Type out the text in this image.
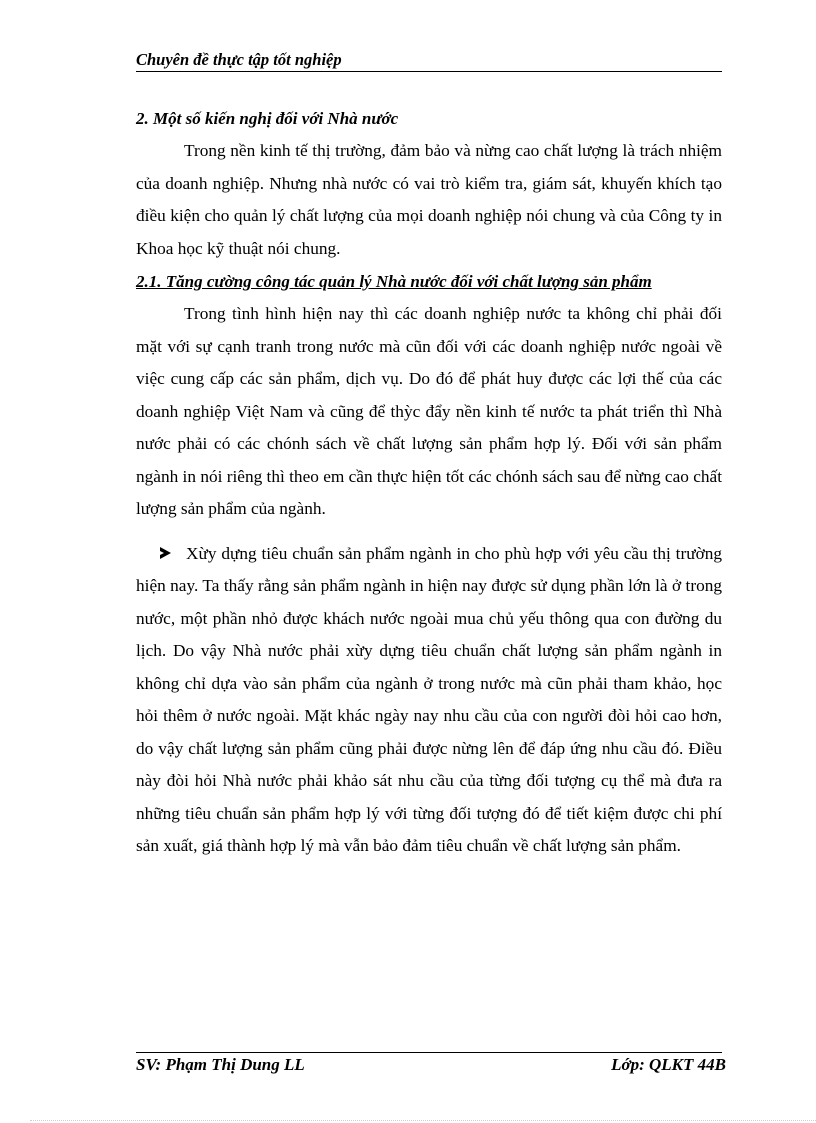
Chuyên đề thực tập tốt nghiệp

2. Một số kiến nghị đối với Nhà nước

Trong nền kinh tế thị trường, đảm bảo và nừng cao chất lượng là trách nhiệm của doanh nghiệp. Nhưng nhà nước có vai trò kiểm tra, giám sát, khuyến khích tạo điều kiện cho quản lý chất lượng của mọi doanh nghiệp nói chung và của Công ty in Khoa học kỹ thuật nói chung.

2.1. Tăng cường công tác quản lý Nhà nước đối với chất lượng sản phẩm

Trong tình hình hiện nay thì các doanh nghiệp nước ta không chỉ phải đối mặt với sự cạnh tranh trong nước mà cũn đối với các doanh nghiệp nước ngoài về việc cung cấp các sản phẩm, dịch vụ. Do đó để phát huy được các lợi thế của các doanh nghiệp Việt Nam và cũng để thỳc đẩy nền kinh tế nước ta phát triển thì Nhà nước phải có các chónh sách về chất lượng sản phẩm hợp lý. Đối với sản phẩm ngành in nói riêng thì theo em cần thực hiện tốt các chónh sách sau để nừng cao chất lượng sản phẩm của ngành.

Xừy dựng tiêu chuẩn sản phẩm ngành in cho phù hợp với yêu cầu thị trường hiện nay. Ta thấy rằng sản phẩm ngành in hiện nay được sử dụng phần lớn là ở trong nước, một phần nhỏ được khách nước ngoài mua chủ yếu thông qua con đường du lịch. Do vậy Nhà nước phải xừy dựng tiêu chuẩn chất lượng sản phẩm ngành in không chỉ dựa vào sản phẩm của ngành ở trong nước mà cũn phải tham khảo, học hỏi thêm ở nước ngoài. Mặt khác ngày nay nhu cầu của con người đòi hỏi cao hơn, do vậy chất lượng sản phẩm cũng phải được nừng lên để đáp ứng nhu cầu đó. Điều này đòi hỏi Nhà nước phải khảo sát nhu cầu của từng đối tượng cụ thể mà đưa ra những tiêu chuẩn sản phẩm hợp lý với từng đối tượng đó để tiết kiệm được chi phí sản xuất, giá thành hợp lý mà vẫn bảo đảm tiêu chuẩn về chất lượng sản phẩm.
SV: Phạm Thị Dung LL	Lớp: QLKT 44B
